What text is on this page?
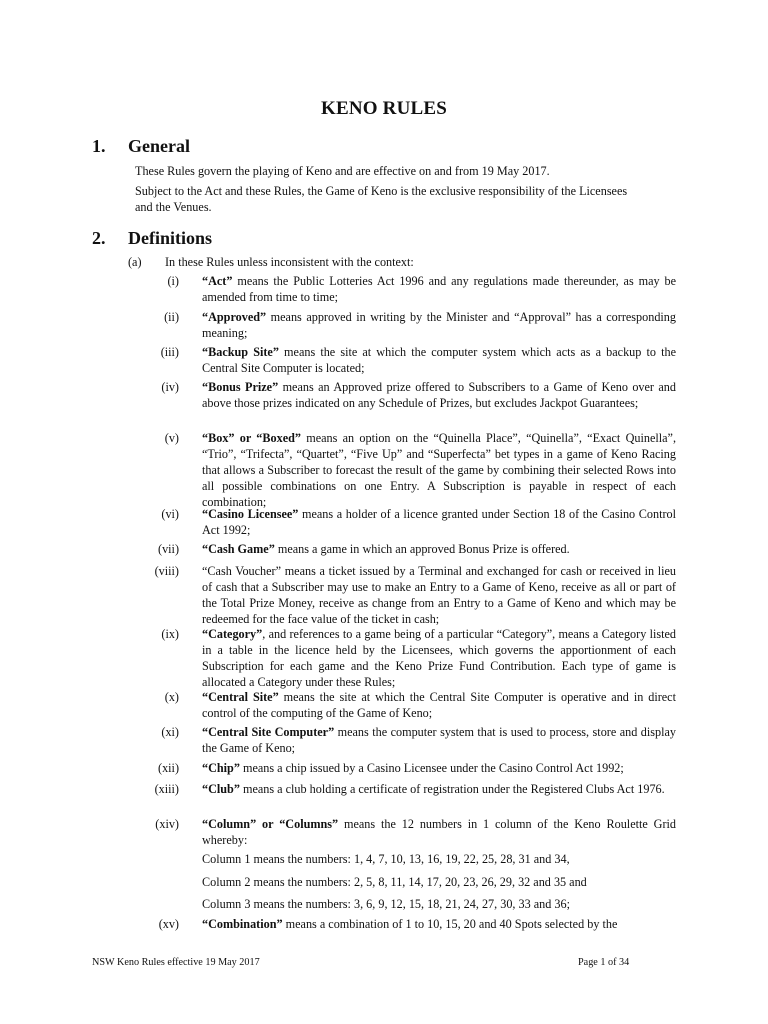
KENO RULES
1. General
These Rules govern the playing of Keno and are effective on and from 19 May 2017.
Subject to the Act and these Rules, the Game of Keno is the exclusive responsibility of the Licensees and the Venues.
2. Definitions
(a) In these Rules unless inconsistent with the context:
(i) “Act” means the Public Lotteries Act 1996 and any regulations made thereunder, as may be amended from time to time;
(ii) “Approved” means approved in writing by the Minister and “Approval” has a corresponding meaning;
(iii) “Backup Site” means the site at which the computer system which acts as a backup to the Central Site Computer is located;
(iv) “Bonus Prize” means an Approved prize offered to Subscribers to a Game of Keno over and above those prizes indicated on any Schedule of Prizes, but excludes Jackpot Guarantees;
(v) “Box” or “Boxed” means an option on the “Quinella Place”, “Quinella”, “Exact Quinella”, “Trio”, “Trifecta”, “Quartet”, “Five Up” and “Superfecta” bet types in a game of Keno Racing that allows a Subscriber to forecast the result of the game by combining their selected Rows into all possible combinations on one Entry. A Subscription is payable in respect of each combination;
(vi) “Casino Licensee” means a holder of a licence granted under Section 18 of the Casino Control Act 1992;
(vii) “Cash Game” means a game in which an approved Bonus Prize is offered.
(viii) “Cash Voucher” means a ticket issued by a Terminal and exchanged for cash or received in lieu of cash that a Subscriber may use to make an Entry to a Game of Keno, receive as all or part of the Total Prize Money, receive as change from an Entry to a Game of Keno and which may be redeemed for the face value of the ticket in cash;
(ix) “Category”, and references to a game being of a particular “Category”, means a Category listed in a table in the licence held by the Licensees, which governs the apportionment of each Subscription for each game and the Keno Prize Fund Contribution. Each type of game is allocated a Category under these Rules;
(x) “Central Site” means the site at which the Central Site Computer is operative and in direct control of the computing of the Game of Keno;
(xi) “Central Site Computer” means the computer system that is used to process, store and display the Game of Keno;
(xii) “Chip” means a chip issued by a Casino Licensee under the Casino Control Act 1992;
(xiii) “Club” means a club holding a certificate of registration under the Registered Clubs Act 1976.
(xiv) “Column” or “Columns” means the 12 numbers in 1 column of the Keno Roulette Grid whereby:
Column 1 means the numbers: 1, 4, 7, 10, 13, 16, 19, 22, 25, 28, 31 and 34,
Column 2 means the numbers: 2, 5, 8, 11, 14, 17, 20, 23, 26, 29, 32 and 35 and
Column 3 means the numbers: 3, 6, 9, 12, 15, 18, 21, 24, 27, 30, 33 and 36;
(xv) “Combination” means a combination of 1 to 10, 15, 20 and 40 Spots selected by the
NSW Keno Rules effective 19 May 2017	Page 1 of 34
